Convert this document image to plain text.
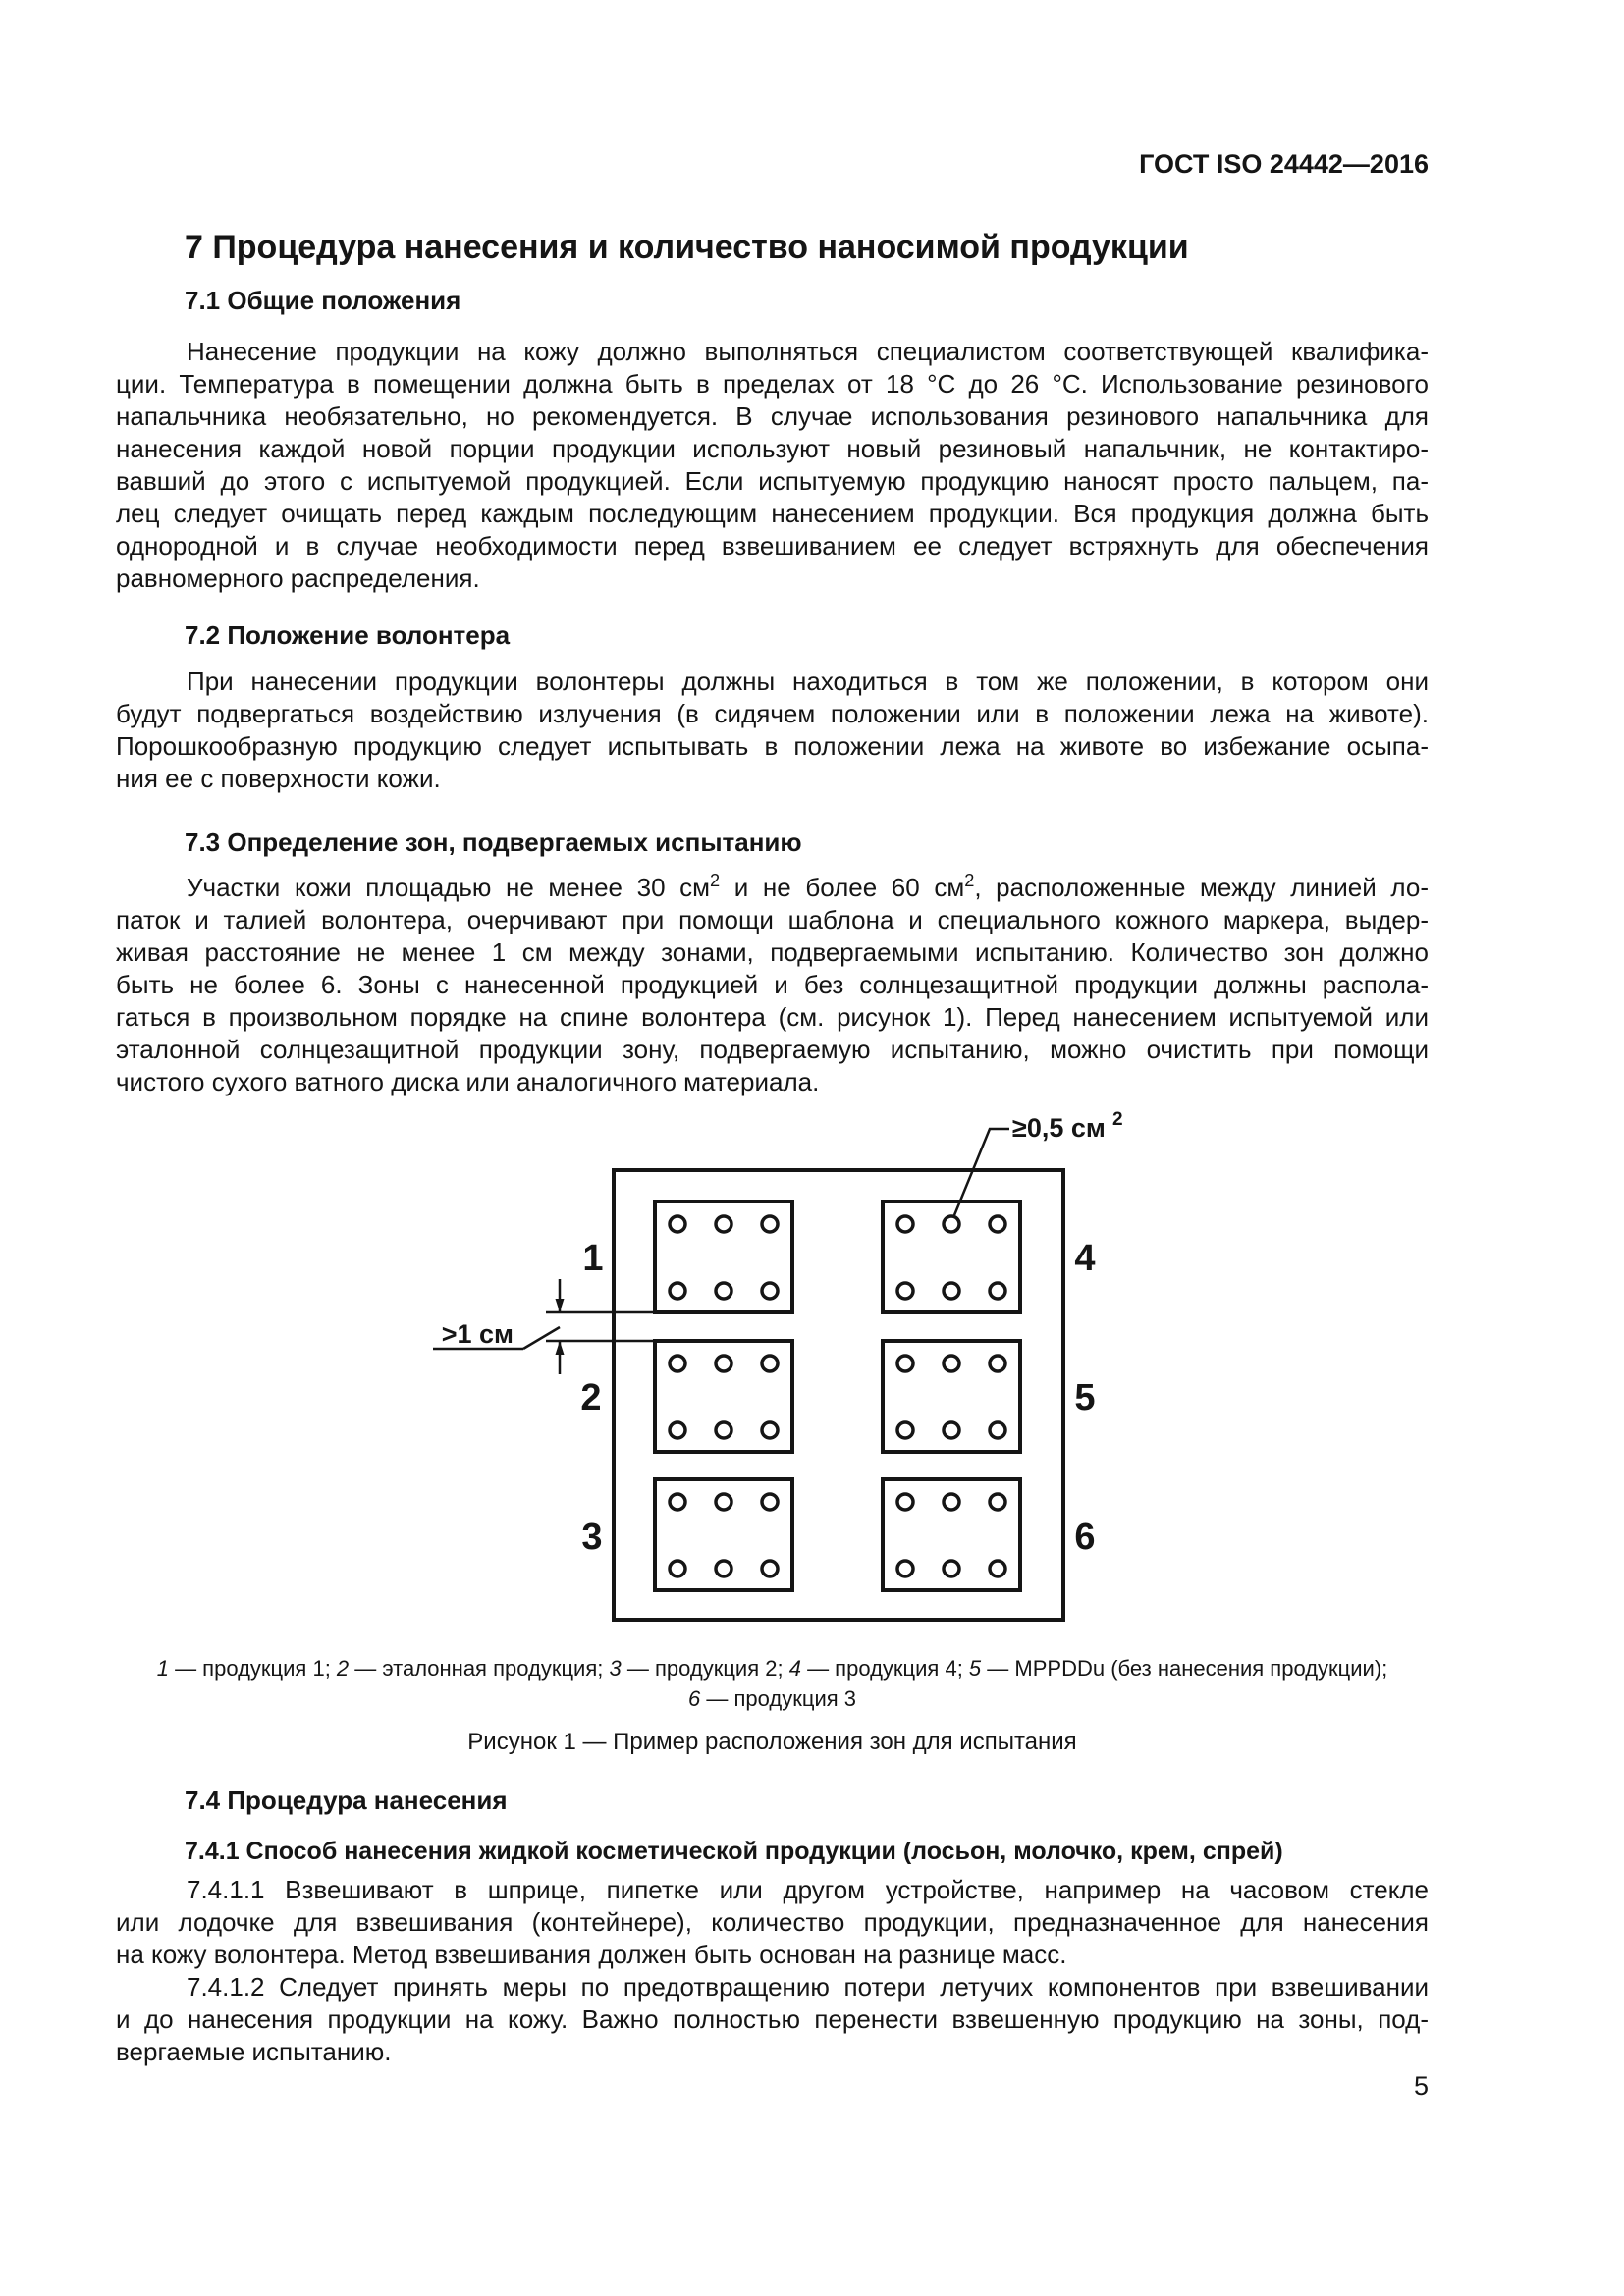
ГОСТ ISO 24442—2016
7 Процедура нанесения и количество наносимой продукции
7.1 Общие положения
Нанесение продукции на кожу должно выполняться специалистом соответствующей квалифика-
ции. Температура в помещении должна быть в пределах от 18 °С до 26 °С. Использование резинового
напальчника необязательно, но рекомендуется. В случае использования резинового напальчника для
нанесения каждой новой порции продукции используют новый резиновый напальчник, не контактиро-
вавший до этого с испытуемой продукцией. Если испытуемую продукцию наносят просто пальцем, па-
лец следует очищать перед каждым последующим нанесением продукции. Вся продукция должна быть
однородной и в случае необходимости перед взвешиванием ее следует встряхнуть для обеспечения
равномерного распределения.
7.2 Положение волонтера
При нанесении продукции волонтеры должны находиться в том же положении, в котором они
будут подвергаться воздействию излучения (в сидячем положении или в положении лежа на животе).
Порошкообразную продукцию следует испытывать в положении лежа на животе во избежание осыпа-
ния ее с поверхности кожи.
7.3 Определение зон, подвергаемых испытанию
Участки кожи площадью не менее 30 $см^2$ и не более 60 $см^2$, расположенные между линией ло-
паток и талией волонтера, очерчивают при помощи шаблона и специального кожного маркера, выдер-
живая расстояние не менее 1 см между зонами, подвергаемыми испытанию. Количество зон должно
быть не более 6. Зоны с нанесенной продукцией и без солнцезащитной продукции должны распола-
гаться в произвольном порядке на спине волонтера (см. рисунок 1). Перед нанесением испытуемой или
эталонной солнцезащитной продукции зону, подвергаемую испытанию, можно очистить при помощи
чистого сухого ватного диска или аналогичного материала.
≥0,5 см 2
>1 см
1
2
3
4
5
6
1 — продукция 1; 2 — эталонная продукция; 3 — продукция 2; 4 — продукция 4; 5 — MPPDDu (без нанесения продукции);
6 — продукция 3
Рисунок 1 — Пример расположения зон для испытания
7.4 Процедура нанесения
7.4.1 Способ нанесения жидкой косметической продукции (лосьон, молочко, крем, спрей)
7.4.1.1 Взвешивают в шприце, пипетке или другом устройстве, например на часовом стекле
или лодочке для взвешивания (контейнере), количество продукции, предназначенное для нанесения
на кожу волонтера. Метод взвешивания должен быть основан на разнице масс.
7.4.1.2 Следует принять меры по предотвращению потери летучих компонентов при взвешивании
и до нанесения продукции на кожу. Важно полностью перенести взвешенную продукцию на зоны, под-
вергаемые испытанию.
5
